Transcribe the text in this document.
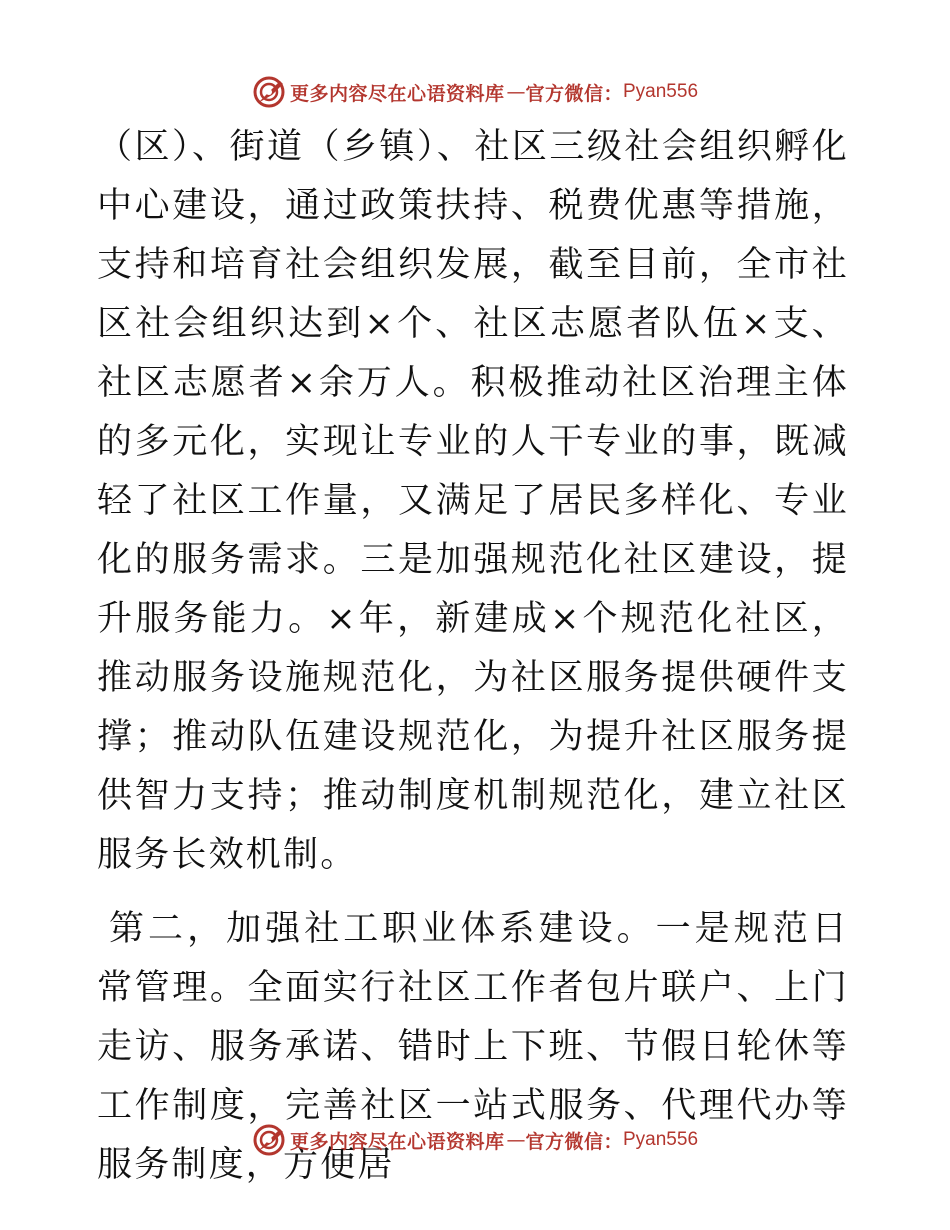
更多内容尽在心语资料库 — 官方微信： Pyan556

（区）、街道（乡镇）、社区三级社会组织孵化中心建设，通过政策扶持、税费优惠等措施，支持和培育社会组织发展，截至目前，全市社区社会组织达到×个、社区志愿者队伍×支、社区志愿者×余万人。积极推动社区治理主体的多元化，实现让专业的人干专业的事，既减轻了社区工作量，又满足了居民多样化、专业化的服务需求。三是加强规范化社区建设，提升服务能力。×年，新建成×个规范化社区，推动服务设施规范化，为社区服务提供硬件支撑；推动队伍建设规范化，为提升社区服务提供智力支持；推动制度机制规范化，建立社区服务长效机制。

第二，加强社工职业体系建设。一是规范日常管理。全面实行社区工作者包片联户、上门走访、服务承诺、错时上下班、节假日轮休等工作制度，完善社区一站式服务、代理代办等服务制度，方便居

更多内容尽在心语资料库 — 官方微信： Pyan556
